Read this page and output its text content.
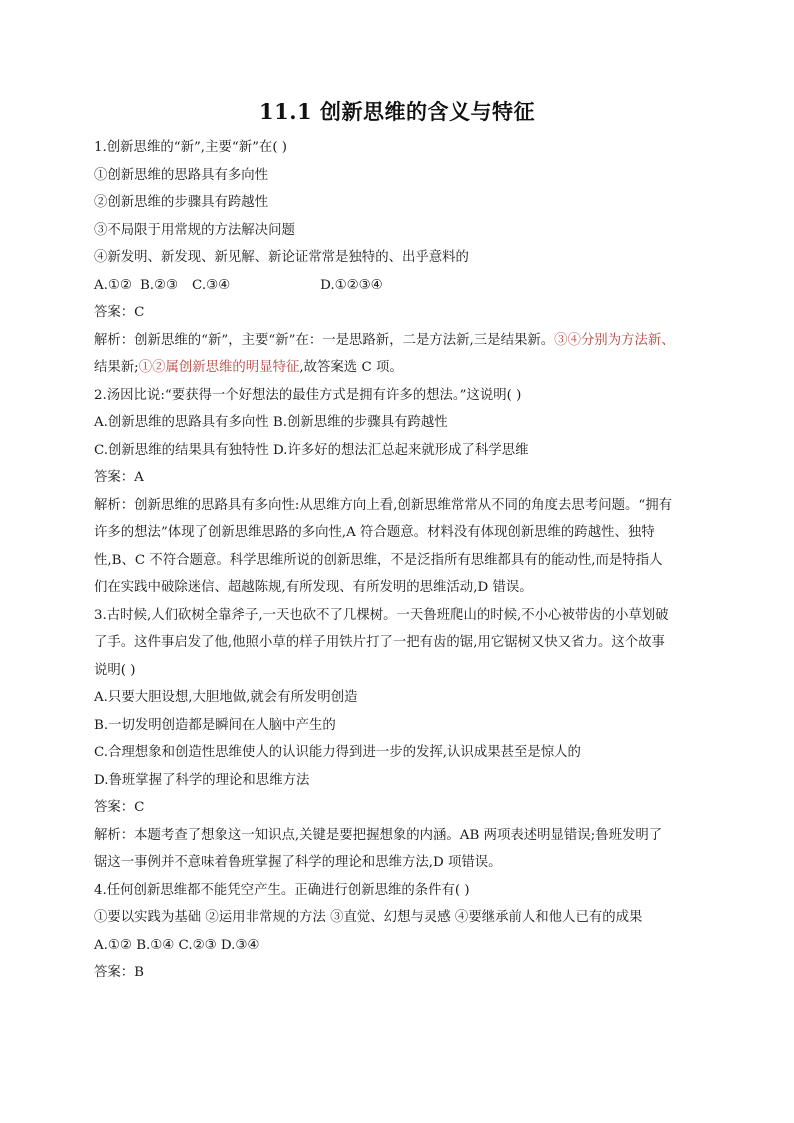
11.1 创新思维的含义与特征

1.创新思维的“新”,主要“新”在( )

①创新思维的思路具有多向性

②创新思维的步骤具有跨越性

③不局限于用常规的方法解决问题

④新发明、新发现、新见解、新论证常常是独特的、出乎意料的

A.①② B.②③ C.③④	D.①②③④

答案：C

解析：创新思维的“新”，主要“新”在：一是思路新，二是方法新,三是结果新。③④分别为方法新、

结果新;①②属创新思维的明显特征,故答案选 C 项。

2.汤因比说:“要获得一个好想法的最佳方式是拥有许多的想法。”这说明( )

A.创新思维的思路具有多向性 B.创新思维的步骤具有跨越性

C.创新思维的结果具有独特性 D.许多好的想法汇总起来就形成了科学思维

答案：A

解析：创新思维的思路具有多向性:从思维方向上看,创新思维常常从不同的角度去思考问题。“拥有

许多的想法”体现了创新思维思路的多向性,A 符合题意。材料没有体现创新思维的跨越性、独特

性,B、C 不符合题意。科学思维所说的创新思维，不是泛指所有思维都具有的能动性,而是特指人

们在实践中破除迷信、超越陈规,有所发现、有所发明的思维活动,D 错误。

3.古时候,人们砍树全靠斧子,一天也砍不了几棵树。一天鲁班爬山的时候,不小心被带齿的小草划破

了手。这件事启发了他,他照小草的样子用铁片打了一把有齿的锯,用它锯树又快又省力。这个故事

说明( )

A.只要大胆设想,大胆地做,就会有所发明创造

B.一切发明创造都是瞬间在人脑中产生的

C.合理想象和创造性思维使人的认识能力得到进一步的发挥,认识成果甚至是惊人的

D.鲁班掌握了科学的理论和思维方法

答案：C

解析：本题考查了想象这一知识点,关键是要把握想象的内涵。AB 两项表述明显错误;鲁班发明了

锯这一事例并不意味着鲁班掌握了科学的理论和思维方法,D 项错误。

4.任何创新思维都不能凭空产生。正确进行创新思维的条件有( )

①要以实践为基础 ②运用非常规的方法 ③直觉、幻想与灵感 ④要继承前人和他人已有的成果

A.①② B.①④ C.②③ D.③④

答案：B
